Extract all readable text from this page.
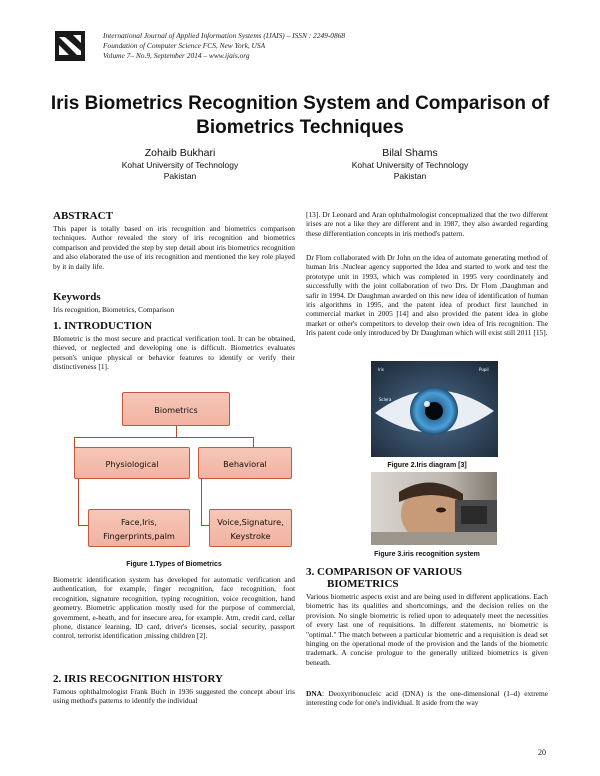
International Journal of Applied Information Systems (IJAIS) – ISSN : 2249-0868
Foundation of Computer Science FCS, New York, USA
Volume 7– No.9, September 2014 – www.ijais.org
Iris Biometrics Recognition System and Comparison of
Biometrics Techniques
Zohaib Bukhari
Kohat University of Technology
Pakistan
Bilal Shams
Kohat University of Technology
Pakistan
ABSTRACT
This paper is totally based on iris recognition and biometrics comparison techniques. Author revealed the story of iris recognition and biometrics comparison and provided the step by step detail about iris biometrics recognition and also elaborated the use of iris recognition and mentioned the key role played by it in daily life.
Keywords
Iris recognition, Biometrics, Comparison
1. INTRODUCTION
BIometric is the most secure and practical verification tool. It can be obtained, thieved, or neglected and developing one is difficult. Biometrics evaluates person's unique physical or behavior features to identify or verify their distinctiveness [1].
Biometrics
Physiological	Behavioral
Face,Iris,
Fingerprints,palm
Voice,Signature,
Keystroke
Figure 1.Types of Biometrics
Biometric identification system has developed for automatic verification and authentication, for example, finger recognition, face recognition, foot recognition, signature recognition, typing recognition, voice recognition, hand geometry. Biometric application mostly used for the purpose of commercial, government, e-heath, and for insecure area, for example. Atm, credit card, cellar phone, distance learning, ID card, driver's licenses, social security, passport control, terrorist identification ,missing children [2].
2. IRIS RECOGNITION HISTORY
Famous ophthalmologist Frank Buch in 1936 suggested the concept about iris using method's patterns to identify the individual
[13]. Dr Leonard and Aran ophthalmologist conceptualized that the two different irises are not a like they are different and in 1987, they also awarded regarding these differentiation concepts in iris method's pattern.
Dr Flom collaborated with Dr John on the idea of automate generating method of human Iris .Nuclear agency supported the Idea and started to work and test the prototype unit in 1993, which was completed in 1995 very coordinately and successfully with the joint collaboration of two Drs. Dr Flom ,Daughman and safir in 1994. Dr Daughman awarded on this new idea of identification of human iris algorithms in 1995, and the patent idea of product first launched in commercial market in 2005 [14] and also provided the patent idea in globe market or other's competitors to develop their own idea of Iris recognition. The Iris patent code only introduced by Dr Daughman which will exist still 2011 [15].
Iris	Pupil
Sclera
Figure 2.Iris diagram [3]
Figure 3.iris recognition system
3. COMPARISON OF VARIOUS
BIOMETRICS
Various biometric aspects exist and are being used in different applications. Each biometric has its qualities and shortcomings, and the decision relies on the provision. No single biometric is relied upon to adequately meet the necessities of every last one of requisitions. In different statements, no biometric is "optimal." The match between a particular biometric and a requisition is dead set hinging on the operational mode of the provision and the lands of the biometric trademark. A concise prologue to the generally utilized biometrics is given beneath.
DNA: Deoxyribonucleic acid (DNA) is the one-dimensional (1–d) extreme interesting code for one's individual. It aside from the way
20
